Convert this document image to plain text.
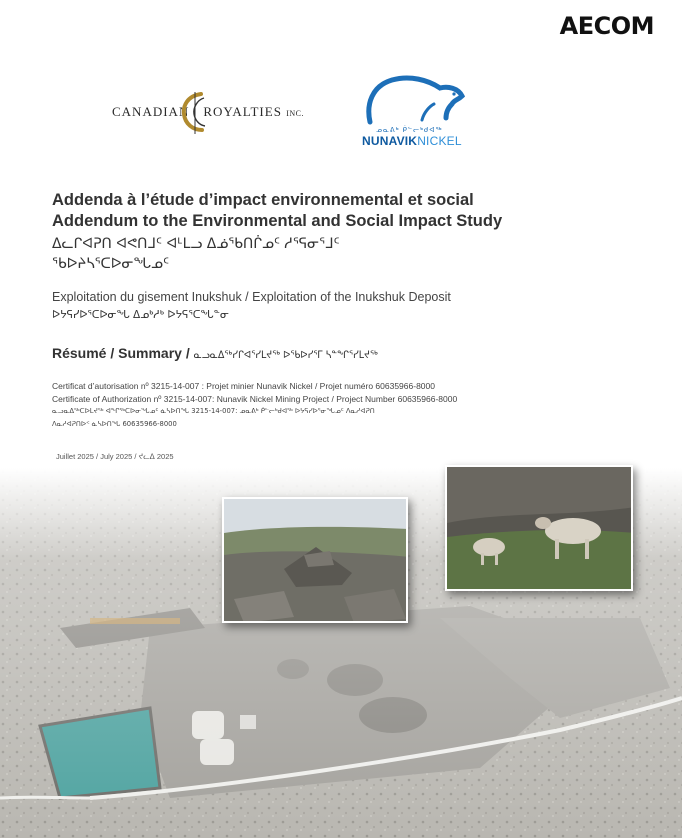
AECOM
CANADIAN ROYALTIES INC.
ᓄᓇᕕᒃ ᑮᓪᓕᒃᑯᐊᖅ
NUNAVIKNICKEL
Addenda à l’étude d’impact environnemental et social
Addendum to the Environmental and Social Impact Study
ᐃᓚᒋᐊᕈᑎ ᐊᕙᑎᒧᑦ ᐊᒻᒪᓗ ᐃᓅᖃᑎᒌᓄᑦ ᓱᕐᕋᓂᕐᒧᑦ
ᖃᐅᔨᓴᕐᑕᐅᓂᖓᓄᑦ
Exploitation du gisement Inukshuk / Exploitation of the Inukshuk Deposit
ᐅᔭᕋᓯᐅᕐᑕᐅᓂᖓ ᐃᓄᒃᓱᒃ ᐅᔭᕋᕐᑕᖓᓐᓂ
Résumé / Summary / ᓇᓗᓇᐃᖅᓯᒋᐊᕐᓯᒪᔪᖅ ᐅᖃᐅᓯᕐᒥ ᓴᓐᖏᕐᓯᒪᔪᖅ
Certificat d’autorisation nº 3215-14-007 : Projet minier Nunavik Nickel / Projet numéro 60635966-8000
Certificate of Authorization nº 3215-14-007: Nunavik Nickel Mining Project / Project Number 60635966-8000
ᓇᓗᓇᐃᖅᑕᐅᒪᔪᖅ ᐊᖏᖅᑕᐅᓂᖓᓄᑦ ᓈᓴᐅᑎᖓ 3215-14-007: ᓄᓇᕕᒃ ᑮᓪᓕᒃᑯᐊᖅ ᐅᔭᕋᓯᐅᕐᓂᖓᓄᑦ ᐱᓇᓱᐊᕈᑎ
ᐱᓇᓱᐊᕈᑎᐅᑉ ᓈᓴᐅᑎᖓ 60635966-8000
Juillet 2025 / July 2025 / ᔪᓚᐃ 2025
